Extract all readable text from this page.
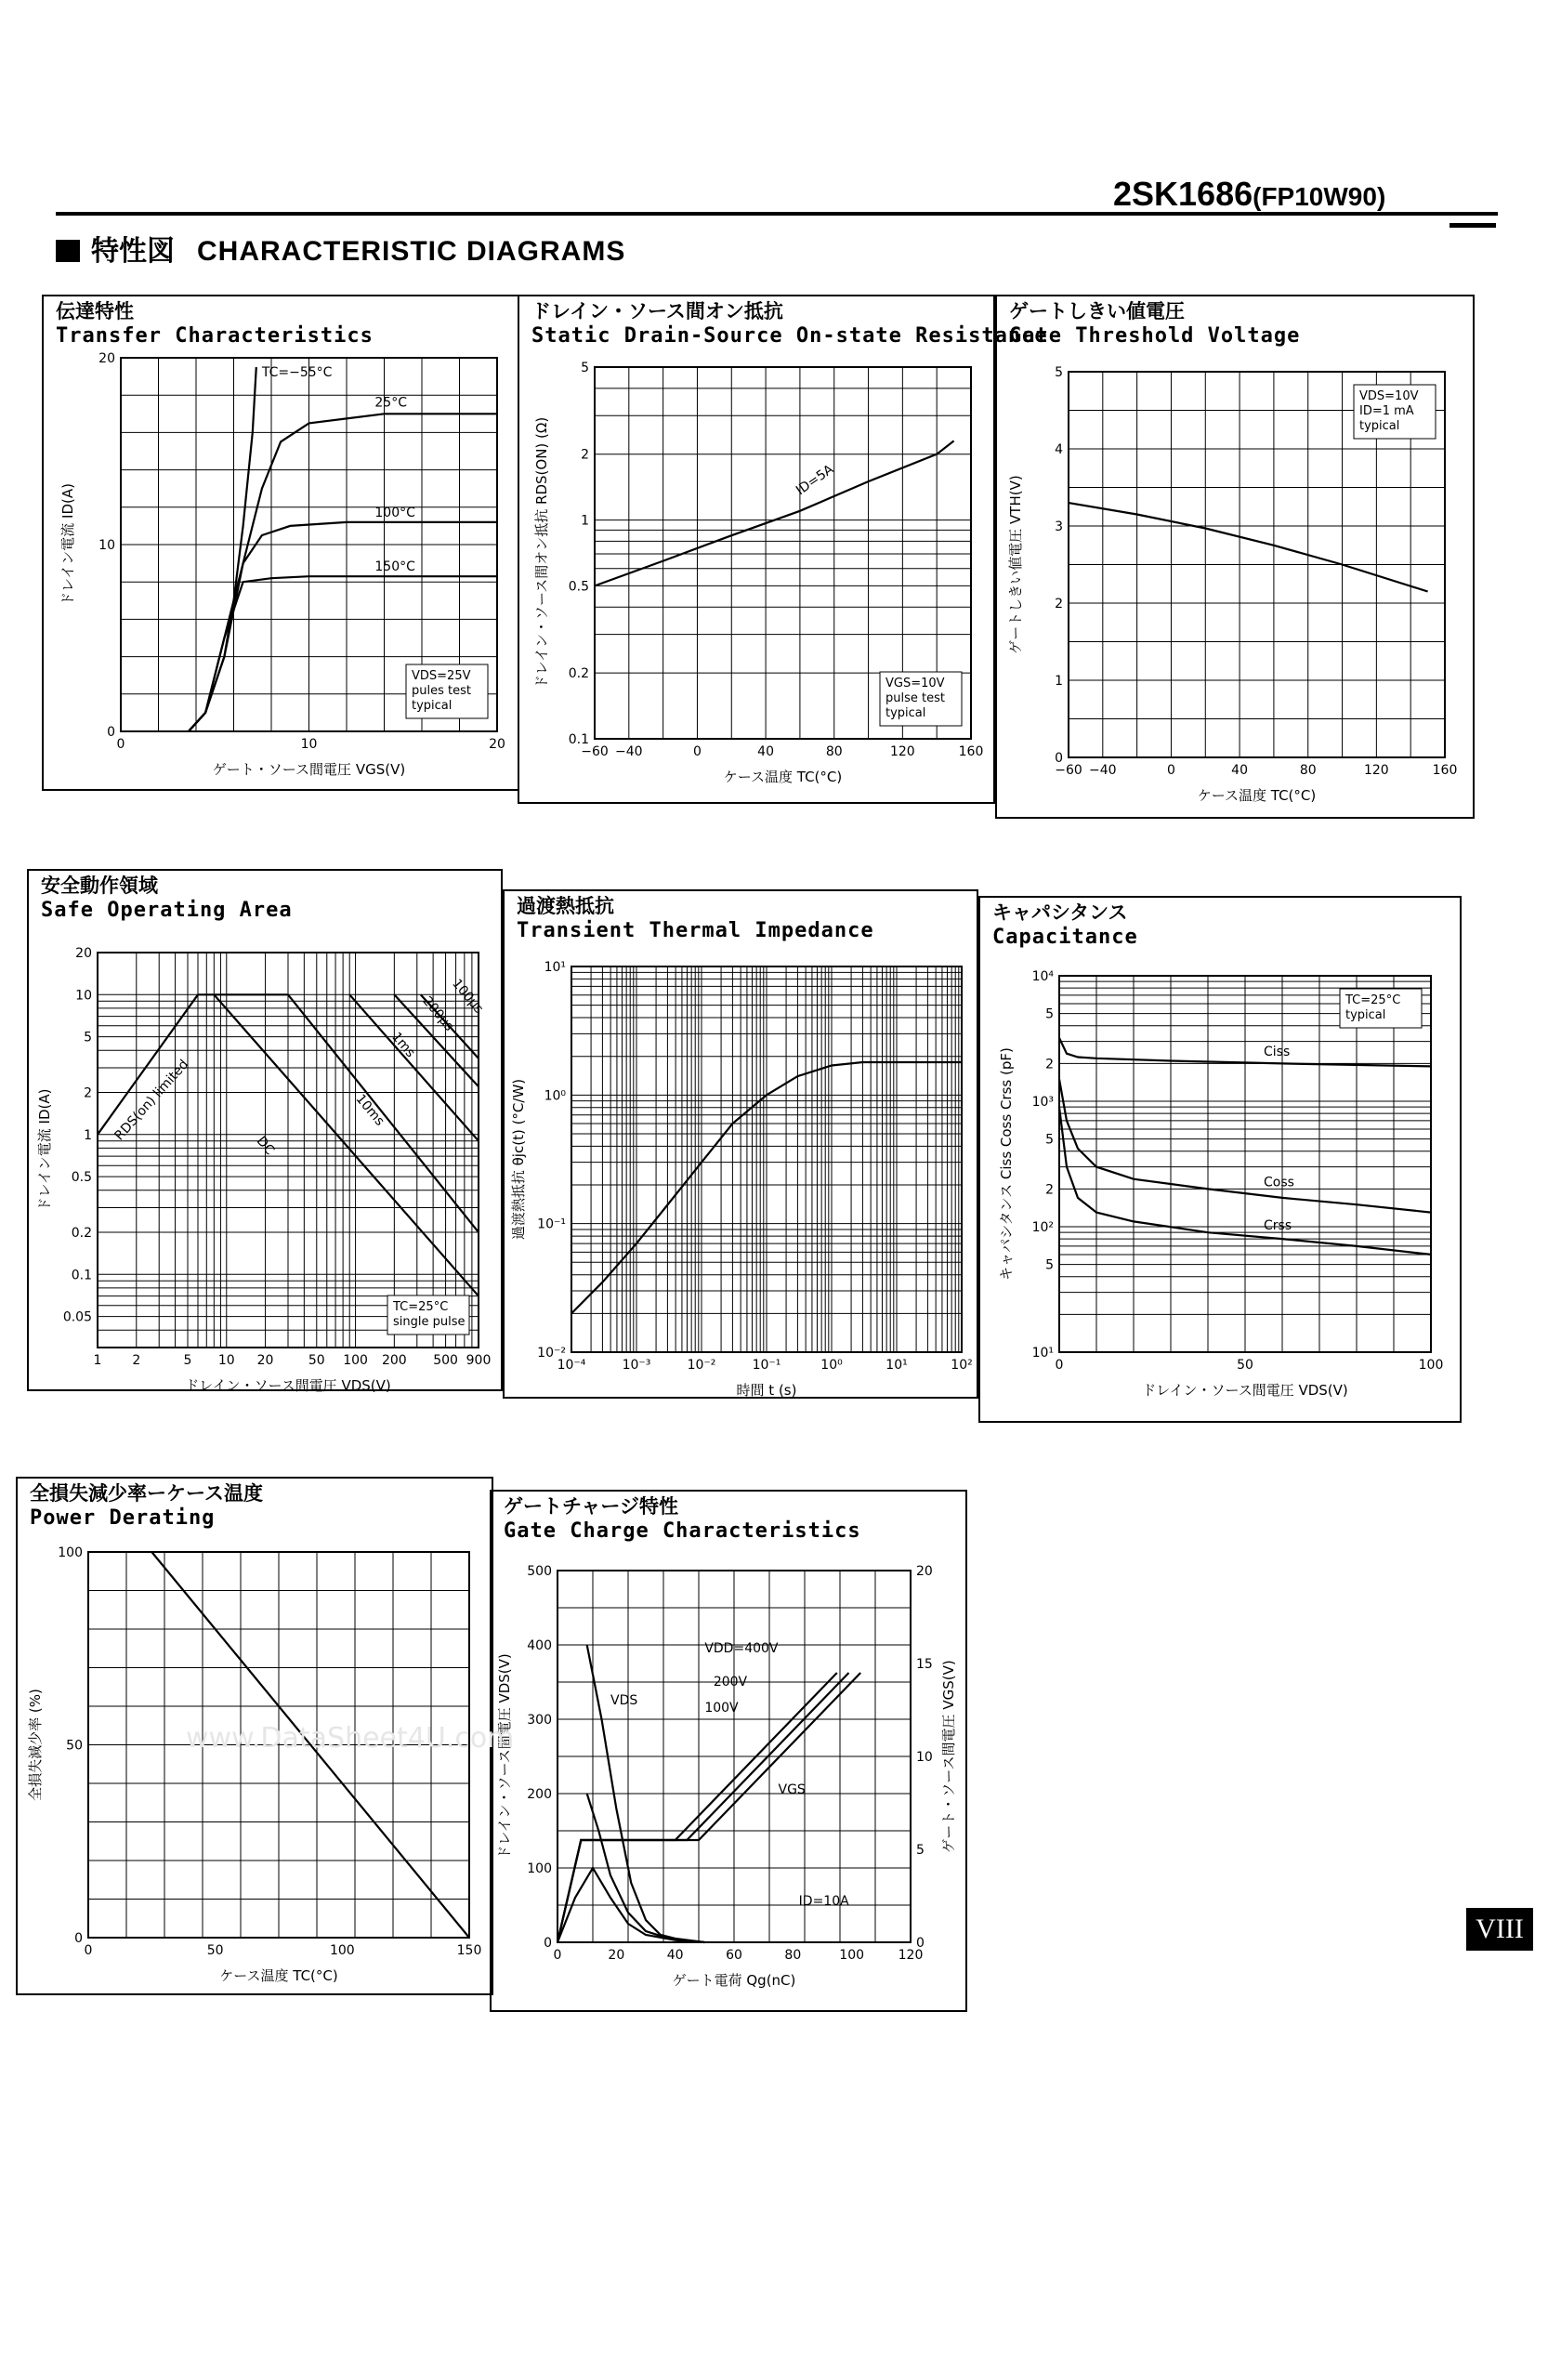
2SK1686(FP10W90)
特性図 CHARACTERISTIC DIAGRAMS
伝達特性
Transfer Characteristics
0	10	20
0
10
20
ゲート・ソース間電圧 VGS(V)
ドレイン電流 ID(A)
VDS=25V
pules test
typical
TC=−55°C
25°C
100°C
150°C
ドレイン・ソース間オン抵抗
Static Drain-Source On-state Resistance
−60 −40	0	40	80	120	160
0.1
0.2
0.5
1
2
5
ケース温度 TC(°C)
ドレイン・ソース間オン抵抗 RDS(ON) (Ω)	VGS=10V
pulse test
typical
ID=5A
ゲートしきい値電圧
Gate Threshold Voltage
−60 −40	0	40	80	120	160
0
1
2
3
4
5
ケース温度 TC(°C)
ゲートしきい値電圧 VTH(V)
VDS=10V
ID=1 mA
typical
安全動作領域
Safe Operating Area
1 2	5 10 20	50 100 200 500 900
0.05
0.1
0.2
0.5
1
2
5
10
20
ドレイン・ソース間電圧 VDS(V)
ドレイン電流 ID(A)
TC=25°C
single pulse
RDS(on) limited
DC
10ms
1ms
200μs
100μs
過渡熱抵抗
Transient Thermal Impedance
10⁻⁴	10⁻³	10⁻²	10⁻¹	10⁰	10¹	10²
10⁻²
10⁻¹
10⁰
10¹
時間 t (s)
過渡熱抵抗 θjc(t) (°C/W)
キャパシタンス
Capacitance
0	50	100
10¹
5
10²
2
5
10³
2
5
10⁴
ドレイン・ソース間電圧 VDS(V)
キャパシタンス Ciss Coss Crss (pF)
TC=25°C
typical
Ciss
Coss
Crss
全損失減少率ーケース温度
Power Derating
0	50	100	150
0
50
100
ケース温度 TC(°C)
全損失減少率 (%)
ゲートチャージ特性
Gate Charge Characteristics
0	20	40	60	80	100	120
0
100
200
300
400
500
0
5
10
15
20
ゲート電荷 Qg(nC)
ドレイン・ソース間電圧 VDS(V)	ゲート・ソース間電圧 VGS(V)
VDS
VGS
VDD=400V
200V
100V
ID=10A
www.DataSheet4U.com
VIII
